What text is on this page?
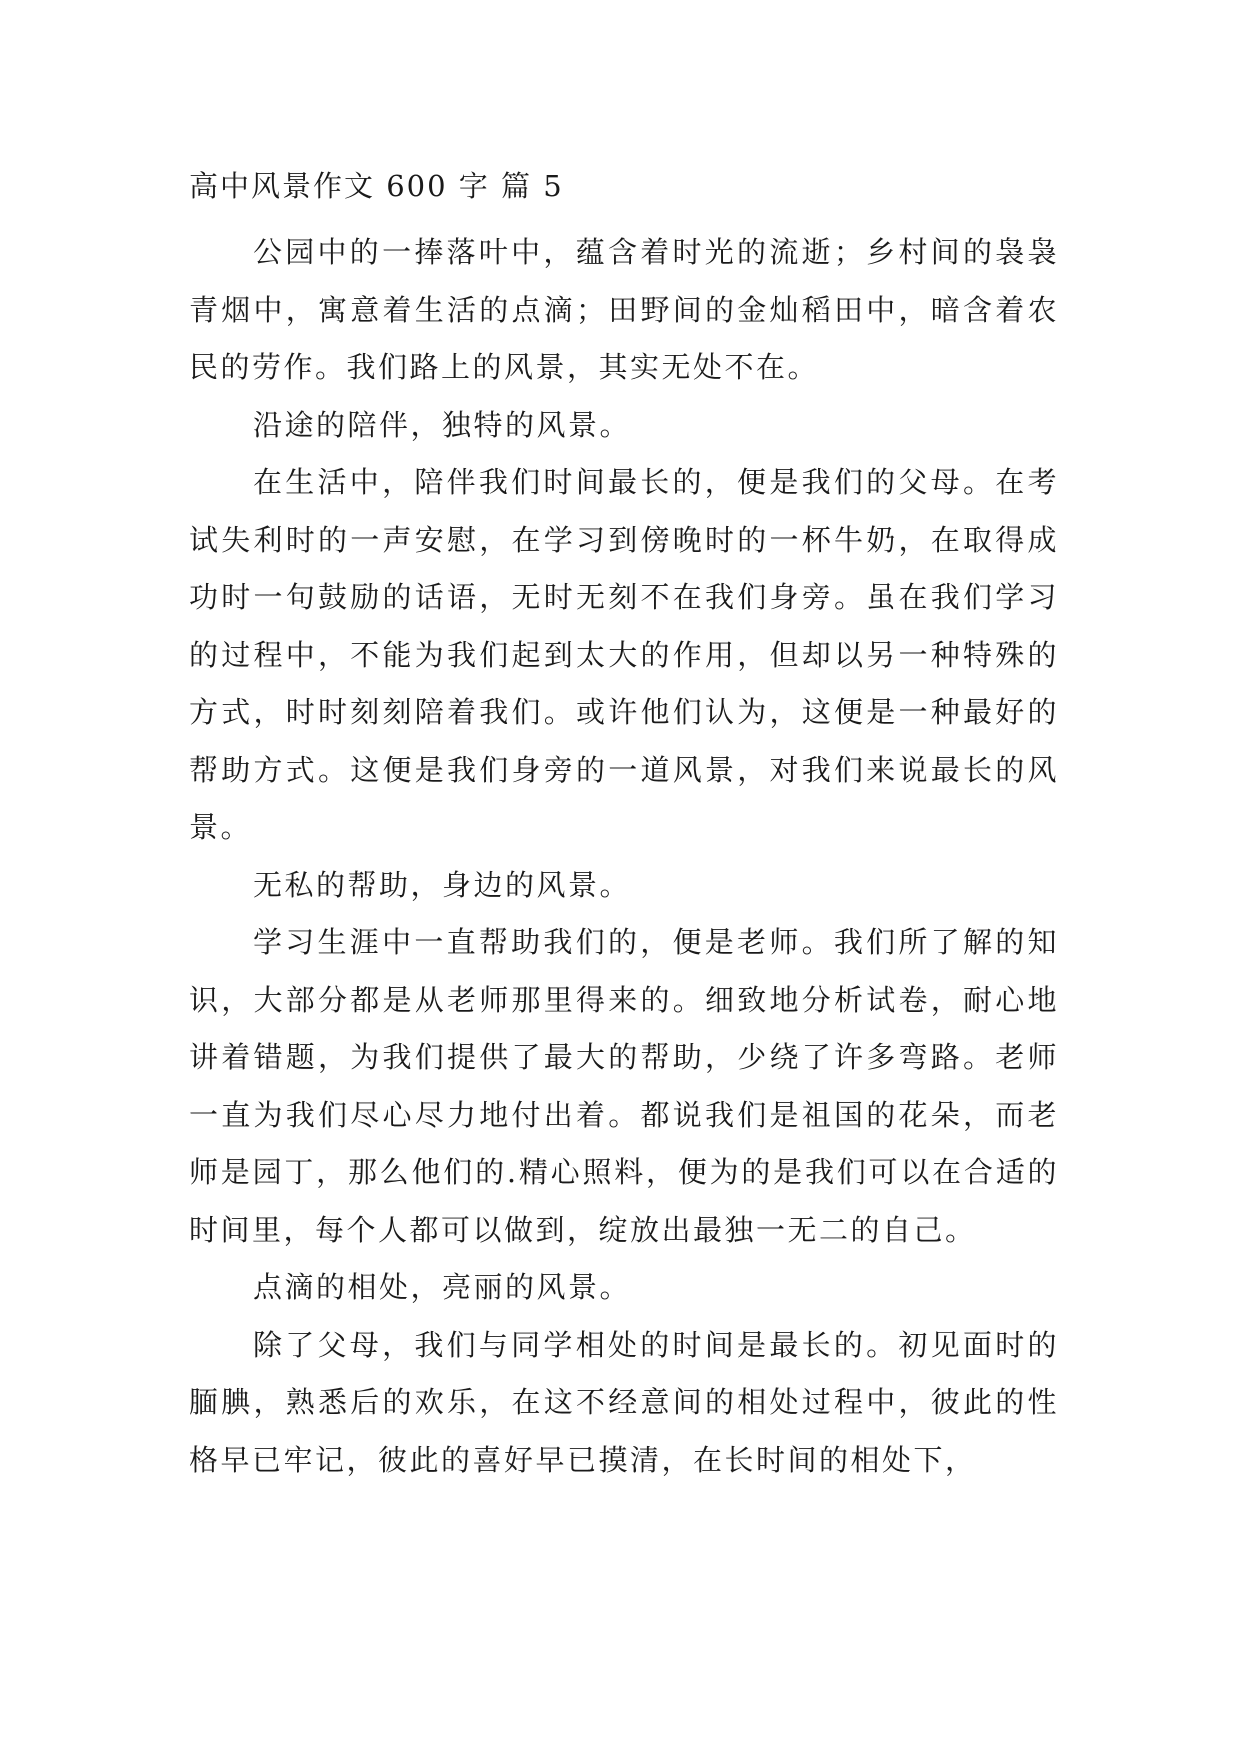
高中风景作文 600 字 篇 5

公园中的一捧落叶中，蕴含着时光的流逝；乡村间的袅袅青烟中，寓意着生活的点滴；田野间的金灿稻田中，暗含着农民的劳作。我们路上的风景，其实无处不在。

沿途的陪伴，独特的风景。

在生活中，陪伴我们时间最长的，便是我们的父母。在考试失利时的一声安慰，在学习到傍晚时的一杯牛奶，在取得成功时一句鼓励的话语，无时无刻不在我们身旁。虽在我们学习的过程中，不能为我们起到太大的作用，但却以另一种特殊的方式，时时刻刻陪着我们。或许他们认为，这便是一种最好的帮助方式。这便是我们身旁的一道风景，对我们来说最长的风景。

无私的帮助，身边的风景。

学习生涯中一直帮助我们的，便是老师。我们所了解的知识，大部分都是从老师那里得来的。细致地分析试卷，耐心地讲着错题，为我们提供了最大的帮助，少绕了许多弯路。老师一直为我们尽心尽力地付出着。都说我们是祖国的花朵，而老师是园丁，那么他们的.精心照料，便为的是我们可以在合适的时间里，每个人都可以做到，绽放出最独一无二的自己。

点滴的相处，亮丽的风景。

除了父母，我们与同学相处的时间是最长的。初见面时的腼腆，熟悉后的欢乐，在这不经意间的相处过程中，彼此的性格早已牢记，彼此的喜好早已摸清，在长时间的相处下，
